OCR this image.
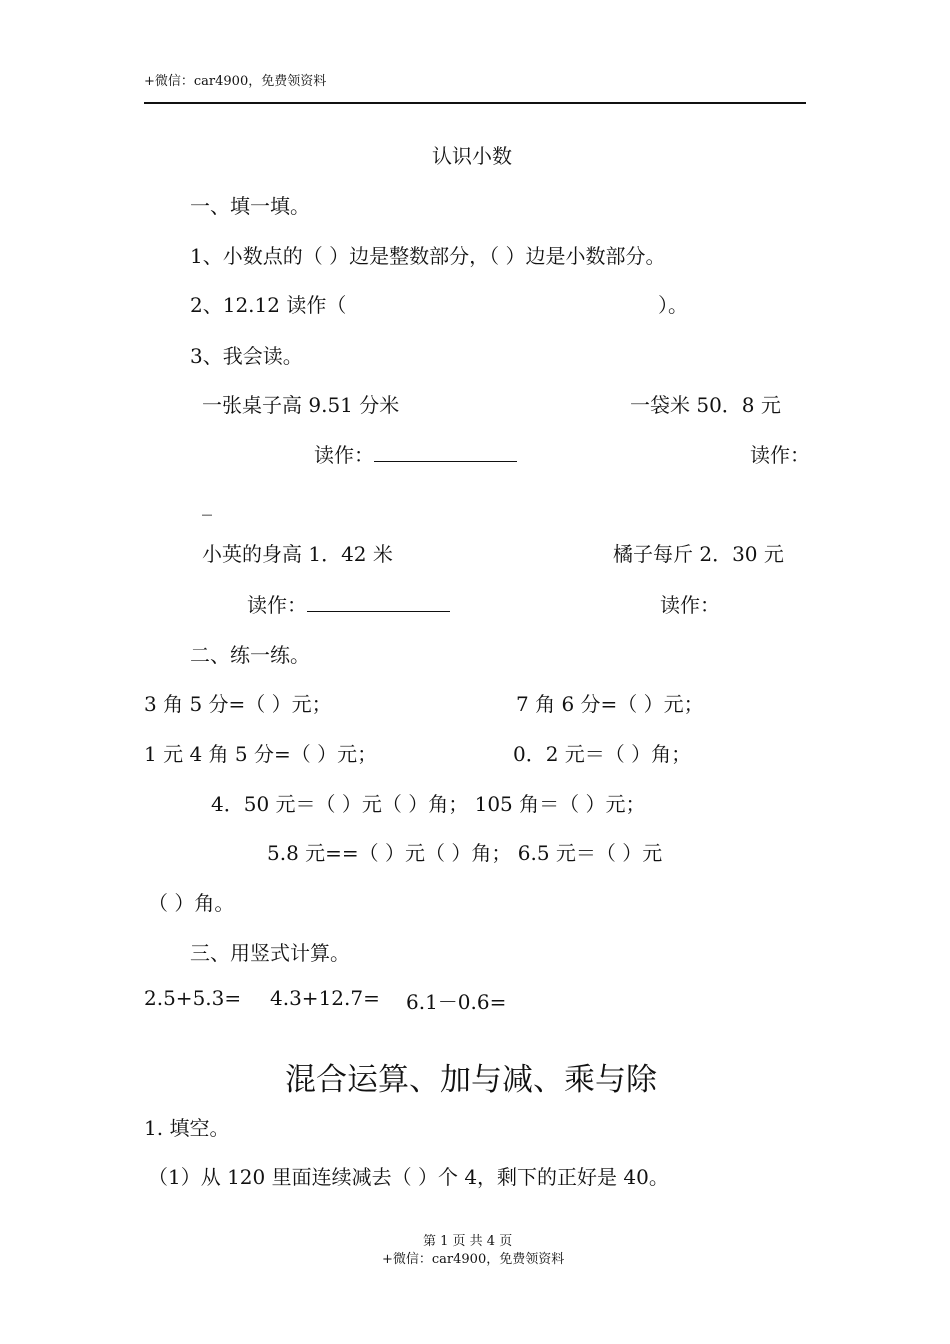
+微信：car4900，免费领资料
认识小数
一、填一填。
1、小数点的（ ）边是整数部分，（ ）边是小数部分。
2、12.12 读作（	）。
3、我会读。
一张桌子高 9.51 分米	一袋米 50．8 元
读作：	读作：
_
小英的身高 1．42 米	橘子每斤 2．30 元
读作：	读作：
二、练一练。
3 角 5 分=（ ）元；	7 角 6 分=（ ）元；
1 元 4 角 5 分=（ ）元；	0．2 元＝（ ）角；
4．50 元＝（ ）元（ ）角； 105 角＝（ ）元；
5.8 元==（ ）元（ ）角； 6.5 元＝（ ）元
（ ）角。
三、用竖式计算。
2.5+5.3= 4.3+12.7= 6.1－0.6=
混合运算、加与减、乘与除
1. 填空。
（1）从 120 里面连续减去（ ）个 4，剩下的正好是 40。
第 1 页 共 4 页
+微信：car4900，免费领资料
